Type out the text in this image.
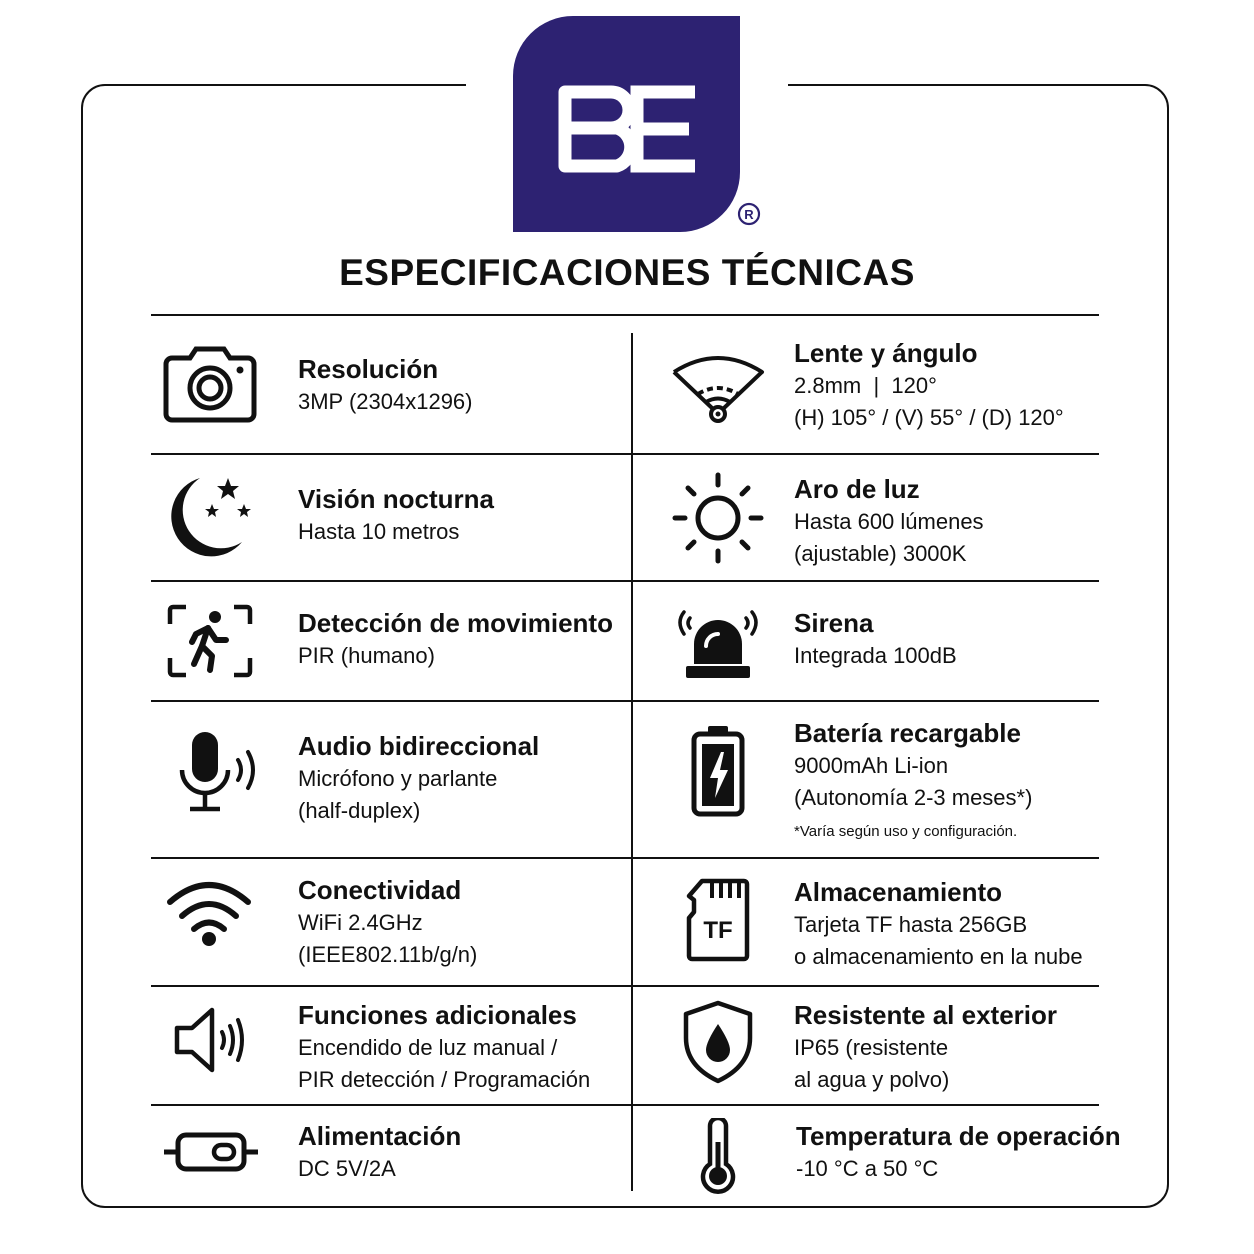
R
ESPECIFICACIONES TÉCNICAS
Resolución
3MP (2304x1296)
Lente y ángulo
2.8mm  |  120°
(H) 105° / (V) 55° / (D) 120°
Visión nocturna
Hasta 10 metros
Aro de luz
Hasta 600 lúmenes
(ajustable) 3000K
Detección de movimiento
PIR (humano)
Sirena
Integrada 100dB
Audio bidireccional
Micrófono y parlante
(half-duplex)
Batería recargable
9000mAh Li-ion
(Autonomía 2-3 meses*)
*Varía según uso y configuración.
Conectividad
WiFi 2.4GHz
(IEEE802.11b/g/n)
TF
Almacenamiento
Tarjeta TF hasta 256GB
o almacenamiento en la nube
Funciones adicionales
Encendido de luz manual /
PIR detección / Programación
Resistente al exterior
IP65 (resistente
al agua y polvo)
Alimentación
DC 5V/2A
Temperatura de operación
-10 °C a 50 °C
